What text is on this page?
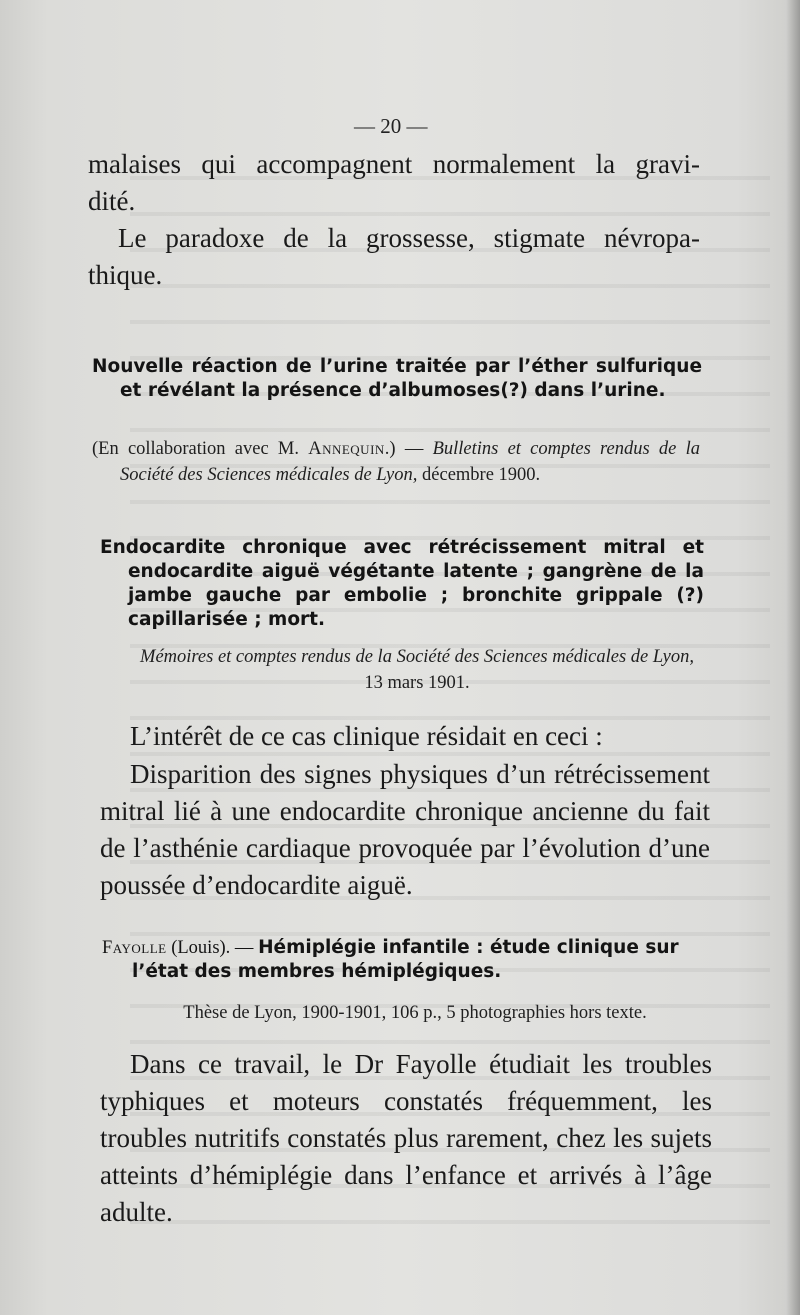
— 20 —
malaises qui accompagnent normalement la gravi-
dité.
Le paradoxe de la grossesse, stigmate névropa-
thique.
Nouvelle réaction de l’urine traitée par l’éther sulfurique et révélant la présence d’albumoses(?) dans l’urine.
(En collaboration avec M. Annequin.) — Bulletins et comptes rendus de la Société des Sciences médicales de Lyon, décembre 1900.
Endocardite chronique avec rétrécissement mitral et endocardite aiguë végétante latente ; gangrène de la jambe gauche par embolie ; bronchite grippale (?) capillarisée ; mort.
Mémoires et comptes rendus de la Société des Sciences médicales de Lyon, 13 mars 1901.
L’intérêt de ce cas clinique résidait en ceci :
Disparition des signes physiques d’un rétrécissement mitral lié à une endocardite chronique ancienne du fait de l’asthénie cardiaque provoquée par l’évolution d’une poussée d’endocardite aiguë.
Fayolle (Louis). — Hémiplégie infantile : étude clinique sur l’état des membres hémiplégiques.
Thèse de Lyon, 1900-1901, 106 p., 5 photographies hors texte.
Dans ce travail, le Dr Fayolle étudiait les troubles typhiques et moteurs constatés fréquemment, les troubles nutritifs constatés plus rarement, chez les sujets atteints d’hémiplégie dans l’enfance et arrivés à l’âge adulte.
